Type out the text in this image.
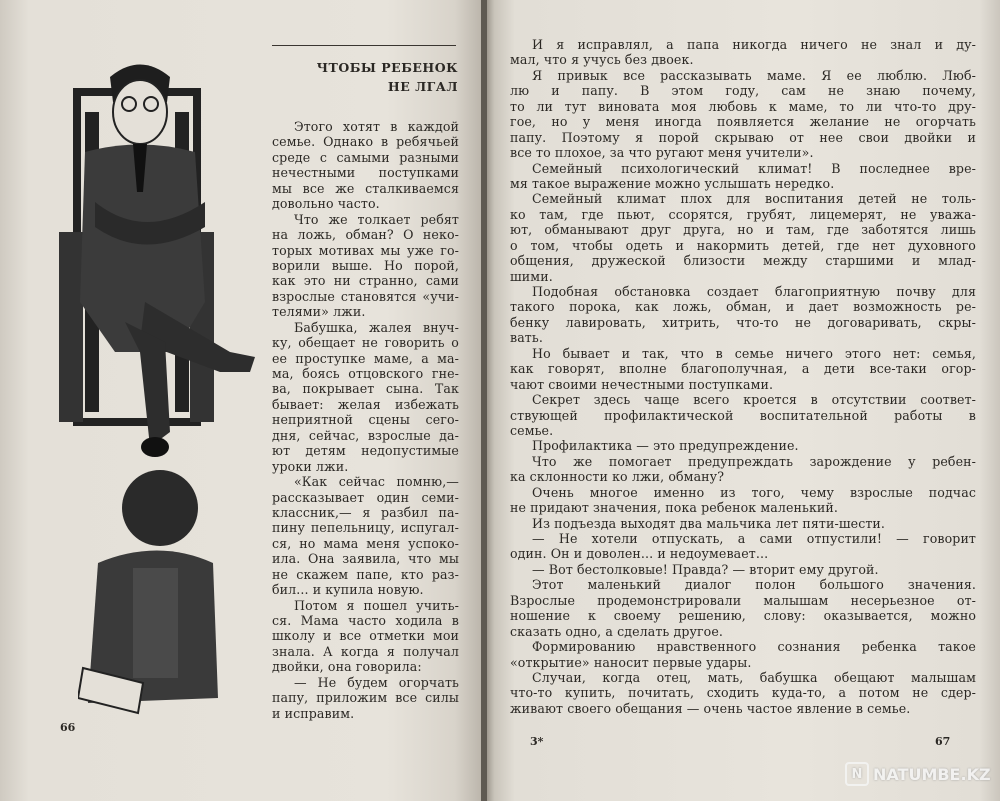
ЧТОБЫ РЕБЕНОК
НЕ ЛГАЛ
Этого хотят в каждой
семье. Однако в ребячьей
среде с самыми разными
нечестными поступками
мы все же сталкиваемся
довольно часто.
Что же толкает ребят
на ложь, обман? О неко-
торых мотивах мы уже го-
ворили выше. Но порой,
как это ни странно, сами
взрослые становятся «учи-
телями» лжи.
Бабушка, жалея внуч-
ку, обещает не говорить о
ее проступке маме, а ма-
ма, боясь отцовского гне-
ва, покрывает сына. Так
бывает: желая избежать
неприятной сцены сего-
дня, сейчас, взрослые да-
ют детям недопустимые
уроки лжи.
«Как сейчас помню,—
рассказывает один семи-
классник,— я разбил па-
пину пепельницу, испугал-
ся, но мама меня успоко-
ила. Она заявила, что мы
не скажем папе, кто раз-
бил... и купила новую.
Потом я пошел учить-
ся. Мама часто ходила в
школу и все отметки мои
знала. А когда я получал
двойки, она говорила:
— Не будем огорчать
папу, приложим все силы
и исправим.
66
И я исправлял, а папа никогда ничего не знал и ду-
мал, что я учусь без двоек.
Я привык все рассказывать маме. Я ее люблю. Люб-
лю и папу. В этом году, сам не знаю почему,
то ли тут виновата моя любовь к маме, то ли что-то дру-
гое, но у меня иногда появляется желание не огорчать
папу. Поэтому я порой скрываю от нее свои двойки и
все то плохое, за что ругают меня учители».
Семейный психологический климат! В последнее вре-
мя такое выражение можно услышать нередко.
Семейный климат плох для воспитания детей не толь-
ко там, где пьют, ссорятся, грубят, лицемерят, не уважа-
ют, обманывают друг друга, но и там, где заботятся лишь
о том, чтобы одеть и накормить детей, где нет духовного
общения, дружеской близости между старшими и млад-
шими.
Подобная обстановка создает благоприятную почву для
такого порока, как ложь, обман, и дает возможность ре-
бенку лавировать, хитрить, что-то не договаривать, скры-
вать.
Но бывает и так, что в семье ничего этого нет: семья,
как говорят, вполне благополучная, а дети все-таки огор-
чают своими нечестными поступками.
Секрет здесь чаще всего кроется в отсутствии соответ-
ствующей профилактической воспитательной работы в
семье.
Профилактика — это предупреждение.
Что же помогает предупреждать зарождение у ребен-
ка склонности ко лжи, обману?
Очень многое именно из того, чему взрослые подчас
не придают значения, пока ребенок маленький.
Из подъезда выходят два мальчика лет пяти-шести.
— Не хотели отпускать, а сами отпустили! — говорит
один. Он и доволен... и недоумевает...
— Вот бестолковые! Правда? — вторит ему другой.
Этот маленький диалог полон большого значения.
Взрослые продемонстрировали малышам несерьезное от-
ношение к своему решению, слову: оказывается, можно
сказать одно, а сделать другое.
Формированию нравственного сознания ребенка такое
«открытие» наносит первые удары.
Случаи, когда отец, мать, бабушка обещают малышам
что-то купить, почитать, сходить куда-то, а потом не сдер-
живают своего обещания — очень частое явление в семье.
3*	67
N NATUMBE.KZ
